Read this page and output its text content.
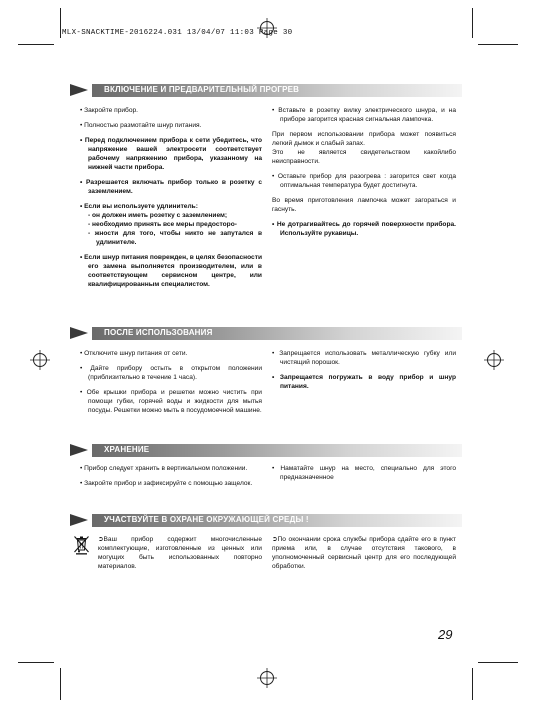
MLX-SNACKTIME-2016224.031 13/04/07 11:03 Page 30
ВКЛЮЧЕНИЕ И ПРЕДВАРИТЕЛЬНЫЙ ПРОГРЕВ

• Закройте прибор.

• Полностью размотайте шнур питания.

• Перед подключением прибора к сети убедитесь, что напряжение вашей электросети соответствует рабочему напряжению прибора, указанному на нижней части прибора.

• Разрешается включать прибор только в розетку с заземлением.

• Если вы используете удлинитель:

- он должен иметь розетку с заземлением;

- необходимо принять все меры предосторо-

- жности для того, чтобы никто не запутался в удлинителе.

• Если шнур питания поврежден, в целях безопасности его замена выполняется производителем, или в соответствующем сервисном центре, или квалифицированным специалистом.

• Вставьте в розетку вилку электрического шнура, и на приборе загорится красная сигнальная лампочка.

При первом использовании прибора может появиться легкий дымок и слабый запах.

Это не является свидетельством какойлибо неисправности.

• Оставьте прибор для разогрева : загорится свет когда оптимальная температура будет достигнута.

Во время приготовления лампочка может загораться и гаснуть.

• Не дотрагивайтесь до горячей поверхности прибора. Используйте рукавицы.

ПОСЛЕ ИСПОЛЬЗОВАНИЯ

• Отключите шнур питания от сети.

• Дайте прибору остыть в открытом положении (приблизительно в течение 1 часа).

• Обе крышки прибора и решетки можно чистить при помощи губки, горячей воды и жидкости для мытья посуды. Решетки можно мыть в посудомоечной машине.

• Запрещается использовать металлическую губку или чистящий порошок.

• Запрещается погружать в воду прибор и шнур питания.

ХРАНЕНИЕ

• Прибор следует хранить в вертикальном положении.

• Закройте прибор и зафиксируйте с помощью защелок.

• Наматайте шнур на место, специально для этого предназначенное

УЧАСТВУЙТЕ В ОХРАНЕ ОКРУЖАЮЩЕЙ СРЕДЫ !

➲Ваш прибор содержит многочисленные комплектующие, изготовленные из ценных или могущих быть использованных повторно материалов.

➲По окончании срока службы прибора сдайте его в пункт приема или, в случае отсутствия таковoго, в уполномоченный сервисный центр для его последующей обработки.

29
